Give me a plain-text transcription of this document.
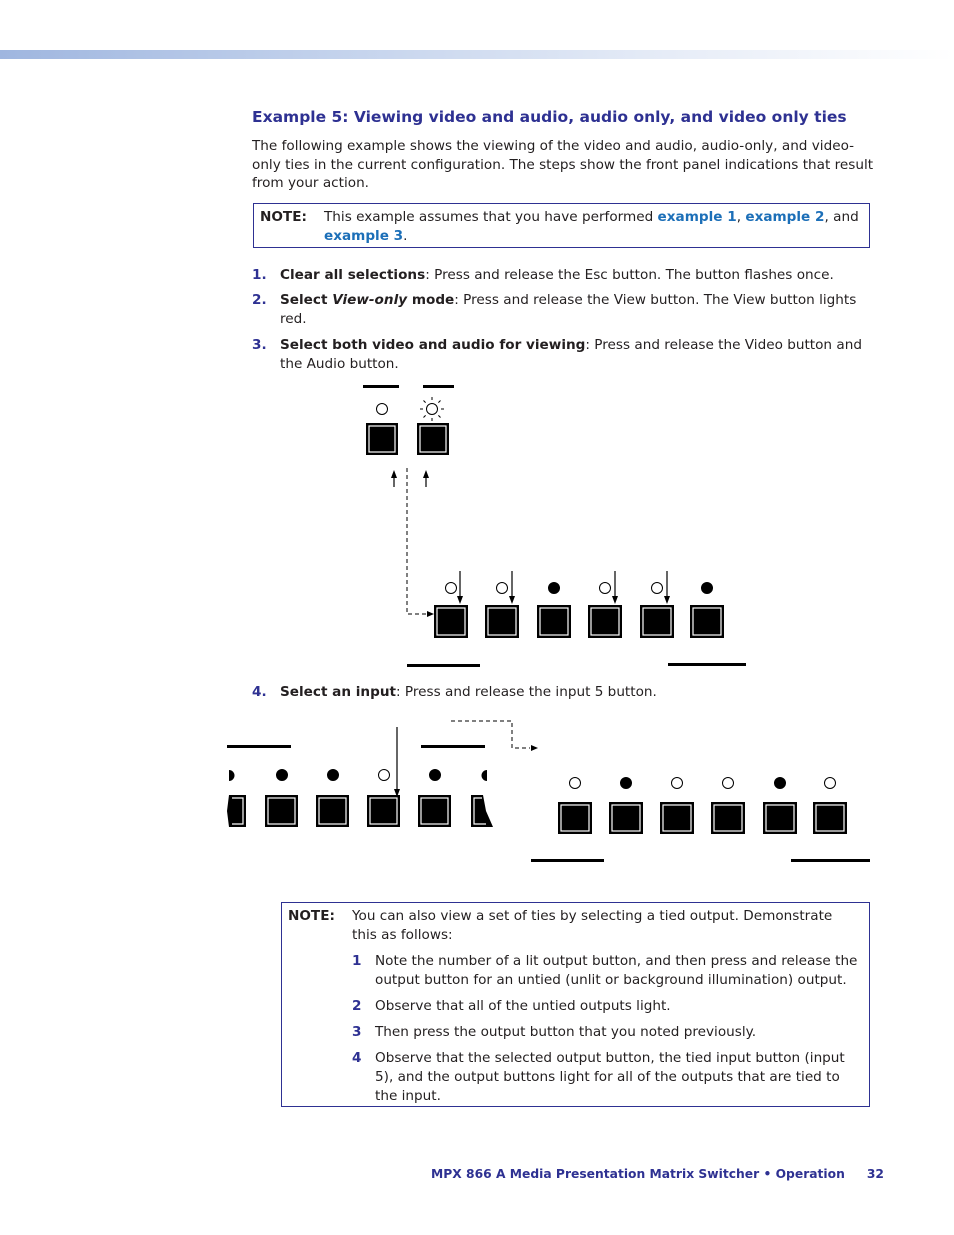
Example 5: Viewing video and audio, audio only, and video only ties
The following example shows the viewing of the video and audio, audio-only, and video-only ties in the current configuration. The steps show the front panel indications that result from your action.
NOTE: This example assumes that you have performed example 1, example 2, and example 3.
1. Clear all selections: Press and release the Esc button. The button flashes once.
2. Select View-only mode: Press and release the View button. The View button lights red.
3. Select both video and audio for viewing: Press and release the Video button and the Audio button.
4. Select an input: Press and release the input 5 button.
NOTE: You can also view a set of ties by selecting a tied output. Demonstrate this as follows:
1 Note the number of a lit output button, and then press and release the output button for an untied (unlit or background illumination) output.
2 Observe that all of the untied outputs light.
3 Then press the output button that you noted previously.
4 Observe that the selected output button, the tied input button (input 5), and the output buttons light for all of the outputs that are tied to the input.
MPX 866 A Media Presentation Matrix Switcher • Operation 32
